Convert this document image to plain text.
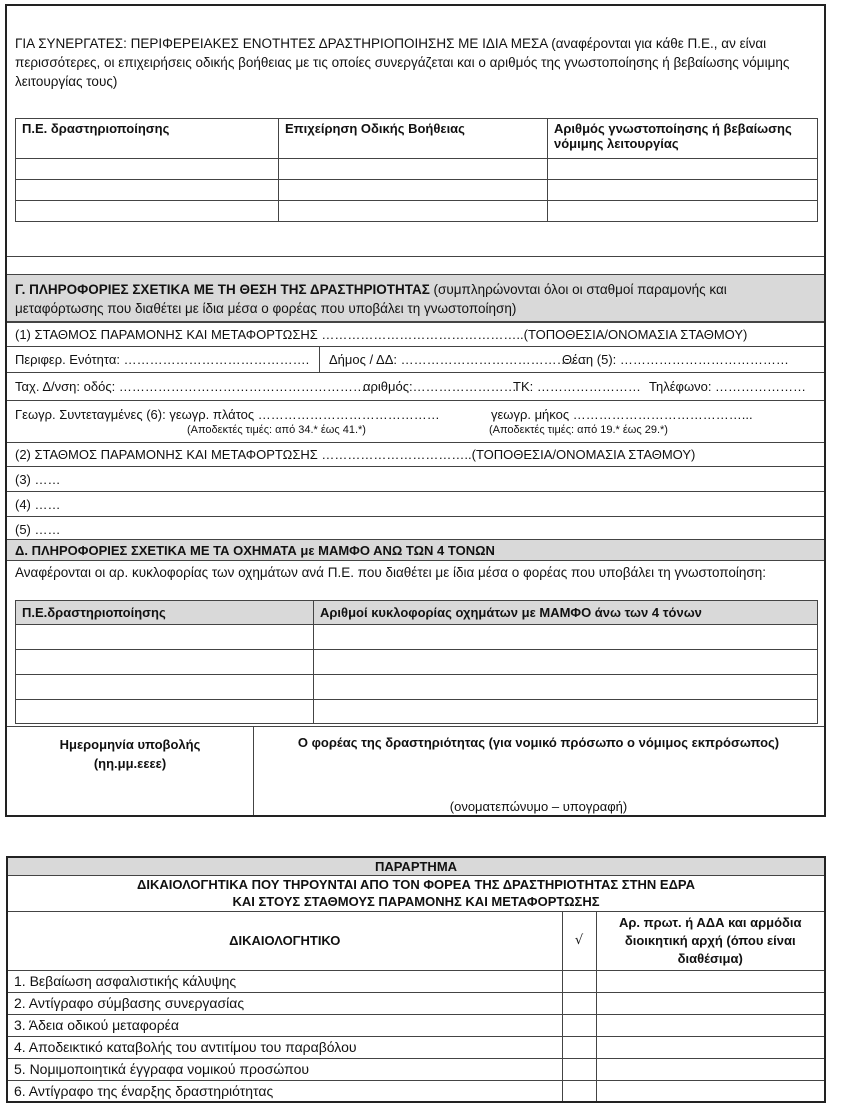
ΓΙΑ ΣΥΝΕΡΓΑΤΕΣ: ΠΕΡΙΦΕΡΕΙΑΚΕΣ ΕΝΟΤΗΤΕΣ ΔΡΑΣΤΗΡΙΟΠΟΙΗΣΗΣ ΜΕ ΙΔΙΑ ΜΕΣΑ (αναφέρονται για κάθε Π.Ε., αν είναι περισσότερες, οι επιχειρήσεις οδικής βοήθειας με τις οποίες συνεργάζεται και ο αριθμός της γνωστοποίησης ή βεβαίωσης νόμιμης λειτουργίας τους)
Π.Ε. δραστηριοποίησης	Επιχείρηση Οδικής Βοήθειας	Αριθμός γνωστοποίησης ή βεβαίωσης νόμιμης λειτουργίας

Γ. ΠΛΗΡΟΦΟΡΙΕΣ ΣΧΕΤΙΚΑ ΜΕ ΤΗ ΘΕΣΗ ΤΗΣ ΔΡΑΣΤΗΡΙΟΤΗΤΑΣ (συμπληρώνονται όλοι οι σταθμοί παραμονής και μεταφόρτωσης που διαθέτει με ίδια μέσα ο φορέας που υποβάλει τη γνωστοποίηση)
(1) ΣΤΑΘΜΟΣ ΠΑΡΑΜΟΝΗΣ ΚΑΙ ΜΕΤΑΦΟΡΤΩΣΗΣ ………………………………………..(ΤΟΠΟΘΕΣΙΑ/ΟΝΟΜΑΣΙΑ ΣΤΑΘΜΟΥ)
Περιφερ. Ενότητα: ……………………………………. Δήμος / ΔΔ: …………………………………….
Θέση (5): …………………………………
Ταχ. Δ/νση: οδός: …………………………………………………
αριθμός:……………………
ΤΚ: …………………… Τηλέφωνο: …………………
Γεωγρ. Συντεταγμένες (6): γεωγρ. πλάτος ……………………………………	γεωγρ. μήκος …………………………………...
(Αποδεκτές τιμές: από 34.* έως 41.*)	(Αποδεκτές τιμές: από 19.* έως 29.*)
(2) ΣΤΑΘΜΟΣ ΠΑΡΑΜΟΝΗΣ ΚΑΙ ΜΕΤΑΦΟΡΤΩΣΗΣ ……………………………..(ΤΟΠΟΘΕΣΙΑ/ΟΝΟΜΑΣΙΑ ΣΤΑΘΜΟΥ)
(3) ……
(4) ……
(5) ……
Δ. ΠΛΗΡΟΦΟΡΙΕΣ ΣΧΕΤΙΚΑ ΜΕ ΤΑ ΟΧΗΜΑΤΑ με ΜΑΜΦΟ ΑΝΩ ΤΩΝ 4 ΤΟΝΩΝ
Αναφέρονται οι αρ. κυκλοφορίας των οχημάτων ανά Π.Ε. που διαθέτει με ίδια μέσα ο φορέας που υποβάλει τη γνωστοποίηση:
Π.Ε.δραστηριοποίησης	Αριθμοί κυκλοφορίας οχημάτων με ΜΑΜΦΟ άνω των 4 τόνων

Ημερομηνία υποβολής
(ηη.μμ.εεεε)
Ο φορέας της δραστηριότητας (για νομικό πρόσωπο ο νόμιμος εκπρόσωπος)
(ονοματεπώνυμο – υπογραφή)
ΠΑΡΑΡΤΗΜΑ		

ΔΙΚΑΙΟΛΟΓΗΤΙΚΑ ΠΟΥ ΤΗΡΟΥΝΤΑΙ ΑΠΟ ΤΟΝ ΦΟΡΕΑ ΤΗΣ ΔΡΑΣΤΗΡΙΟΤΗΤΑΣ ΣΤΗΝ ΕΔΡΑ
ΚΑΙ ΣΤΟΥΣ ΣΤΑΘΜΟΥΣ ΠΑΡΑΜΟΝΗΣ ΚΑΙ ΜΕΤΑΦΟΡΤΩΣΗΣ		

ΔΙΚΑΙΟΛΟΓΗΤΙΚΟ	√	Αρ. πρωτ. ή ΑΔΑ και αρμόδια διοικητική αρχή (όπου είναι διαθέσιμα)
1. Βεβαίωση ασφαλιστικής κάλυψης		
2. Αντίγραφο σύμβασης συνεργασίας		
3. Άδεια οδικού μεταφορέα		
4. Αποδεικτικό καταβολής του αντιτίμου του παραβόλου		
5. Νομιμοποιητικά έγγραφα νομικού προσώπου		
6. Αντίγραφο της έναρξης δραστηριότητας		
